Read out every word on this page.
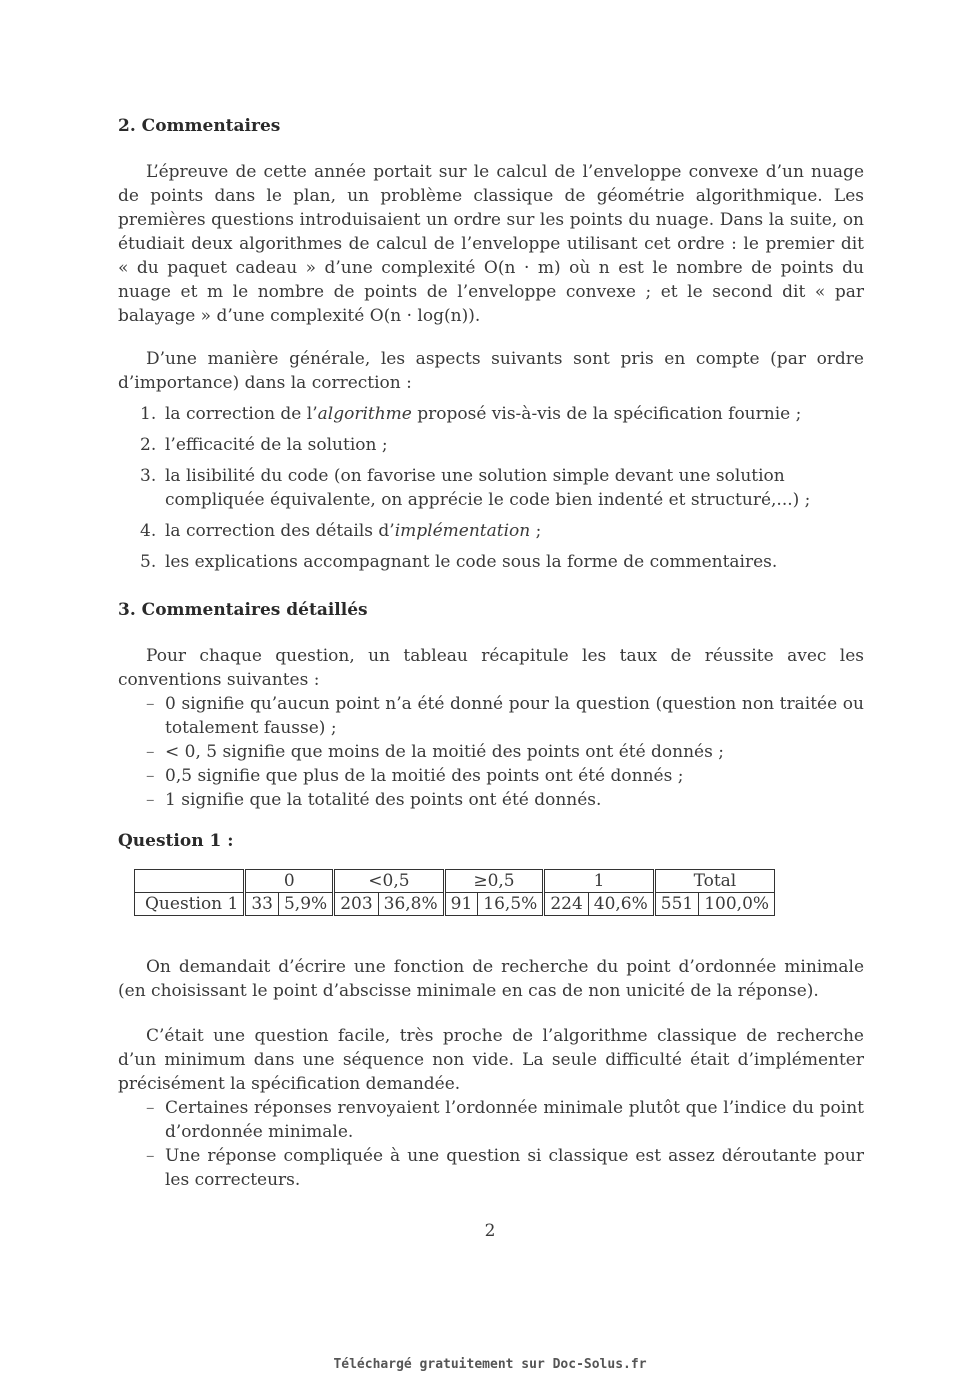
2. Commentaires

L’épreuve de cette année portait sur le calcul de l’enveloppe convexe d’un nuage de points dans le plan, un problème classique de géométrie algorithmique. Les premières questions introduisaient un ordre sur les points du nuage. Dans la suite, on étudiait deux algorithmes de calcul de l’enveloppe utilisant cet ordre : le premier dit « du paquet cadeau » d’une complexité O(n · m) où n est le nombre de points du nuage et m le nombre de points de l’enveloppe convexe ; et le second dit « par balayage » d’une complexité O(n · log(n)).

D’une manière générale, les aspects suivants sont pris en compte (par ordre d’importance) dans la correction :

1. la correction de l’algorithme proposé vis-à-vis de la spécification fournie ;
2. l’efficacité de la solution ;
3. la lisibilité du code (on favorise une solution simple devant une solution compliquée équivalente, on apprécie le code bien indenté et structuré,...) ;
4. la correction des détails d’implémentation ;
5. les explications accompagnant le code sous la forme de commentaires.
3. Commentaires détaillés

Pour chaque question, un tableau récapitule les taux de réussite avec les conventions suivantes :

– 0 signifie qu’aucun point n’a été donné pour la question (question non traitée ou totalement fausse) ;
– < 0, 5 signifie que moins de la moitié des points ont été donnés ;
– 0,5 signifie que plus de la moitié des points ont été donnés ;
– 1 signifie que la totalité des points ont été donnés.
Question 1 :
	0		<0,5		≥0,5		1		Total	
Question 1	33	5,9%	203	36,8%	91	16,5%	224	40,6%	551	100,0%

On demandait d’écrire une fonction de recherche du point d’ordonnée minimale (en choisissant le point d’abscisse minimale en cas de non unicité de la réponse).

C’était une question facile, très proche de l’algorithme classique de recherche d’un minimum dans une séquence non vide. La seule difficulté était d’implémenter précisément la spécification demandée.

– Certaines réponses renvoyaient l’ordonnée minimale plutôt que l’indice du point d’ordonnée minimale.
– Une réponse compliquée à une question si classique est assez déroutante pour les correcteurs.
2
Téléchargé gratuitement sur Doc-Solus.fr
